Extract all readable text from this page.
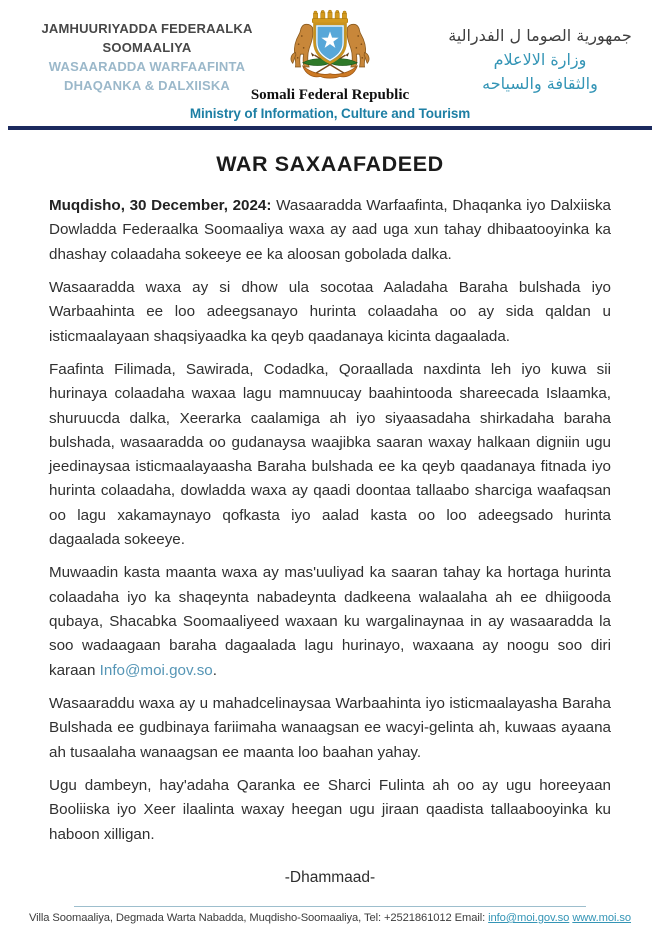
JAMHUURIYADDA FEDERAALKA
SOOMAALIYA
WASAARADDA WARFAAFINTA
DHAQANKA & DALXIISKA
Somali Federal Republic
Ministry of Information, Culture and Tourism
جمهورية الصوما ل الفدرالية
وزارة الالاعلام
والثقافة والسياحه
WAR SAXAAFADEED

Muqdisho, 30 December, 2024: Wasaaradda Warfaafinta, Dhaqanka iyo Dalxiiska Dowladda Federaalka Soomaaliya waxa ay aad uga xun tahay dhibaatooyinka ka dhashay colaadaha sokeeye ee ka aloosan gobolada dalka.

Wasaaradda waxa ay si dhow ula socotaa Aaladaha Baraha bulshada iyo Warbaahinta ee loo adeegsanayo hurinta colaadaha oo ay sida qaldan u isticmaalayaan shaqsiyaadka ka qeyb qaadanaya kicinta dagaalada.

Faafinta Filimada, Sawirada, Codadka, Qoraallada naxdinta leh iyo kuwa sii hurinaya colaadaha waxaa lagu mamnuucay baahintooda shareecada Islaamka, shuruucda dalka, Xeerarka caalamiga ah iyo siyaasadaha shirkadaha baraha bulshada, wasaaradda oo gudanaysa waajibka saaran waxay halkaan digniin ugu jeedinaysaa isticmaalayaasha Baraha bulshada ee ka qeyb qaadanaya fitnada iyo hurinta colaadaha, dowladda waxa ay qaadi doontaa tallaabo sharciga waafaqsan oo lagu xakamaynayo qofkasta iyo aalad kasta oo loo adeegsado hurinta dagaalada sokeeye.

Muwaadin kasta maanta waxa ay mas'uuliyad ka saaran tahay ka hortaga hurinta colaadaha iyo ka shaqeynta nabadeynta dadkeena walaalaha ah ee dhiigooda qubaya, Shacabka Soomaaliyeed waxaan ku wargalinaynaa in ay wasaaradda la soo wadaagaan baraha dagaalada lagu hurinayo, waxaana ay noogu soo diri karaan Info@moi.gov.so.

Wasaaraddu waxa ay u mahadcelinaysaa Warbaahinta iyo isticmaalayasha Baraha Bulshada ee gudbinaya fariimaha wanaagsan ee wacyi-gelinta ah, kuwaas ayaana ah tusaalaha wanaagsan ee maanta loo baahan yahay.

Ugu dambeyn, hay'adaha Qaranka ee Sharci Fulinta ah oo ay ugu horeeyaan Booliiska iyo Xeer ilaalinta waxay heegan ugu jiraan qaadista tallaabooyinka ku haboon xilligan.

-Dhammaad-
Villa Soomaaliya, Degmada Warta Nabadda, Muqdisho-Soomaaliya, Tel: +2521861012 Email: info@moi.gov.so www.moi.so
